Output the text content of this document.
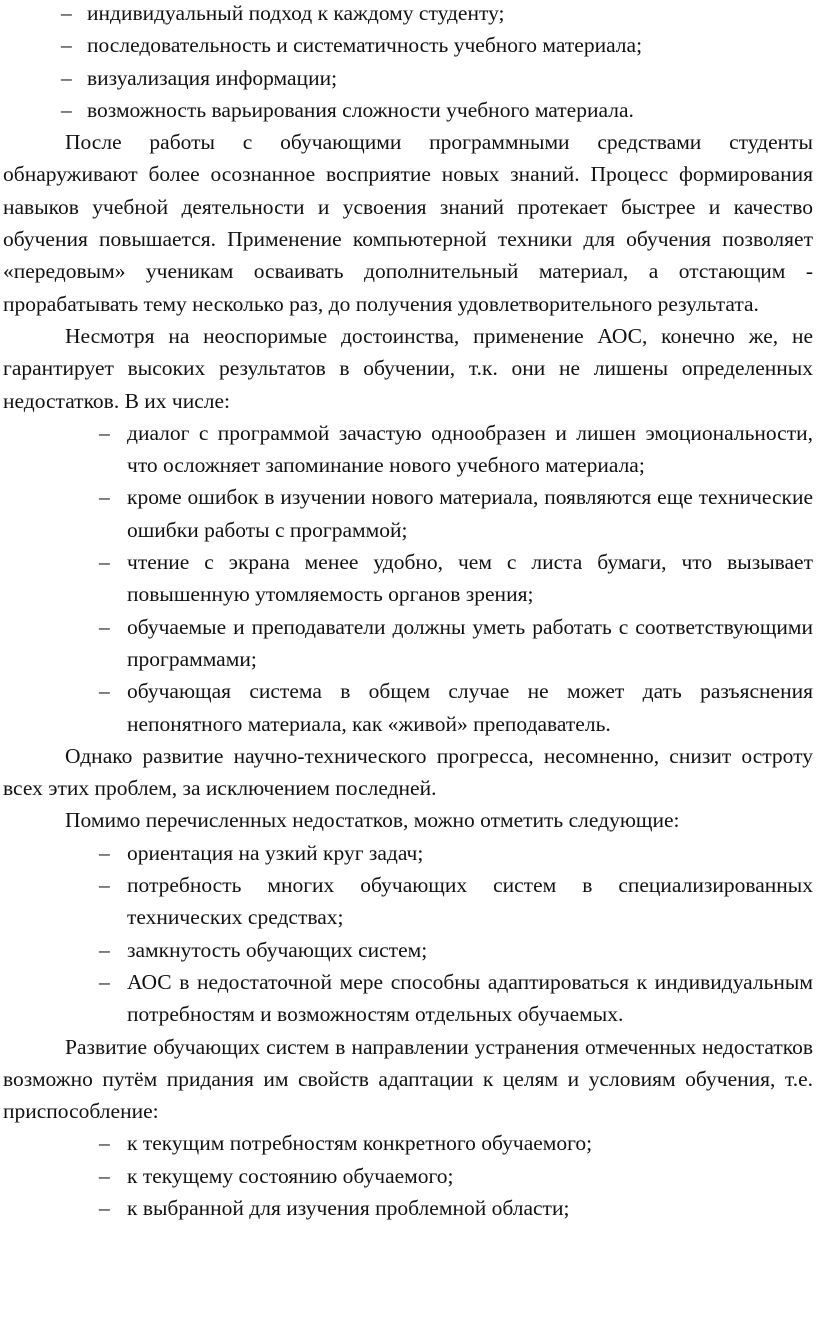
– индивидуальный подход к каждому студенту;
– последовательность и систематичность учебного материала;
– визуализация информации;
– возможность варьирования сложности учебного материала.

После работы с обучающими программными средствами студенты обнаруживают более осознанное восприятие новых знаний. Процесс формирования навыков учебной деятельности и усвоения знаний протекает быстрее и качество обучения повышается. Применение компьютерной техники для обучения позволяет «передовым» ученикам осваивать дополнительный материал, а отстающим - прорабатывать тему несколько раз, до получения удовлетворительного результата.

Несмотря на неоспоримые достоинства, применение АОС, конечно же, не гарантирует высоких результатов в обучении, т.к. они не лишены определенных недостатков. В их числе:

– диалог с программой зачастую однообразен и лишен эмоциональности, что осложняет запоминание нового учебного материала;
– кроме ошибок в изучении нового материала, появляются еще технические ошибки работы с программой;
– чтение с экрана менее удобно, чем с листа бумаги, что вызывает повышенную утомляемость органов зрения;
– обучаемые и преподаватели должны уметь работать с соответствующими программами;
– обучающая система в общем случае не может дать разъяснения непонятного материала, как «живой» преподаватель.

Однако развитие научно-технического прогресса, несомненно, снизит остроту всех этих проблем, за исключением последней.

Помимо перечисленных недостатков, можно отметить следующие:

– ориентация на узкий круг задач;
– потребность многих обучающих систем в специализированных технических средствах;
– замкнутость обучающих систем;
– АОС в недостаточной мере способны адаптироваться к индивидуальным потребностям и возможностям отдельных обучаемых.

Развитие обучающих систем в направлении устранения отмеченных недостатков возможно путём придания им свойств адаптации к целям и условиям обучения, т.е. приспособление:

– к текущим потребностям конкретного обучаемого;
– к текущему состоянию обучаемого;
– к выбранной для изучения проблемной области;
